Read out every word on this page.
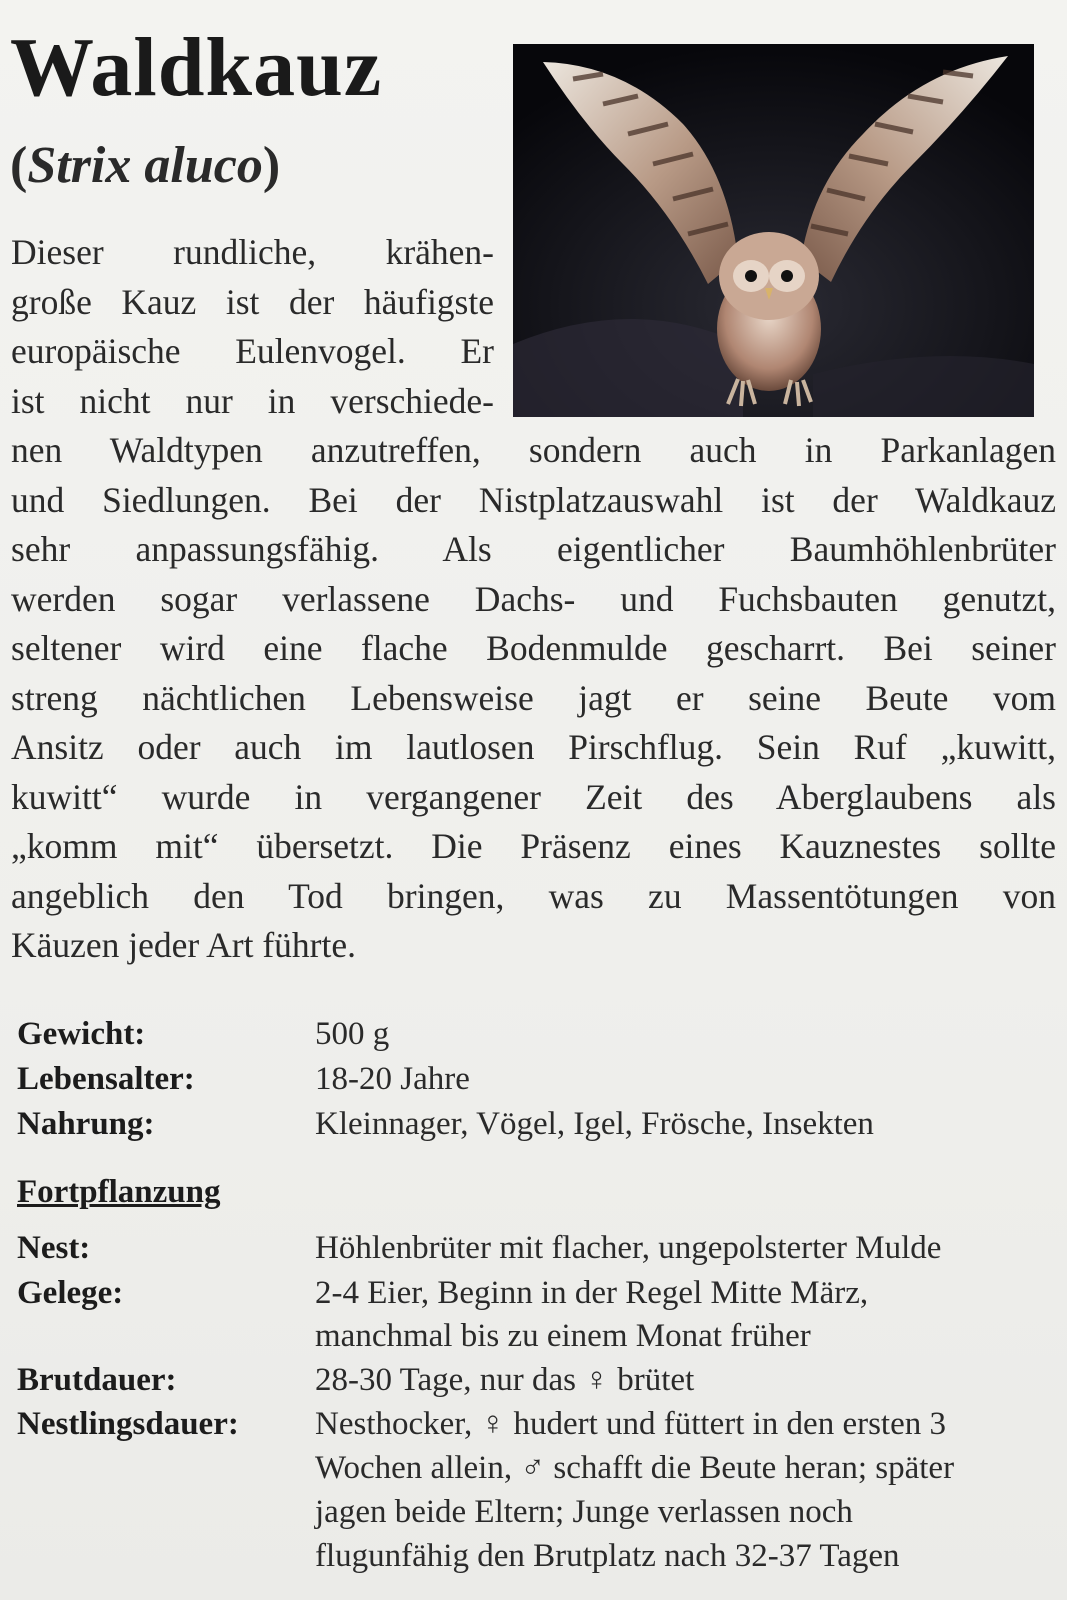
Waldkauz
(Strix aluco)
Dieser rundliche, krähen-
große Kauz ist der häufigste
europäische Eulenvogel. Er
ist nicht nur in verschiede-
nen Waldtypen anzutreffen, sondern auch in Parkanlagen
und Siedlungen. Bei der Nistplatzauswahl ist der Waldkauz
sehr anpassungsfähig. Als eigentlicher Baumhöhlenbrüter
werden sogar verlassene Dachs- und Fuchsbauten genutzt,
seltener wird eine flache Bodenmulde gescharrt. Bei seiner
streng nächtlichen Lebensweise jagt er seine Beute vom
Ansitz oder auch im lautlosen Pirschflug. Sein Ruf „kuwitt,
kuwitt“ wurde in vergangener Zeit des Aberglaubens als
„komm mit“ übersetzt. Die Präsenz eines Kauznestes sollte
angeblich den Tod bringen, was zu Massentötungen von
Käuzen jeder Art führte.
Gewicht:	500 g
Lebensalter:	18-20 Jahre
Nahrung:	Kleinnager, Vögel, Igel, Frösche, Insekten
Fortpflanzung
Nest:	Höhlenbrüter mit flacher, ungepolsterter Mulde
Gelege:	2-4 Eier, Beginn in der Regel Mitte März,
manchmal bis zu einem Monat früher
Brutdauer:	28-30 Tage, nur das ♀ brütet
Nestlingsdauer: Nesthocker, ♀ hudert und füttert in den ersten 3
Wochen allein, ♂ schafft die Beute heran; später
jagen beide Eltern; Junge verlassen noch
flugunfähig den Brutplatz nach 32-37 Tagen
